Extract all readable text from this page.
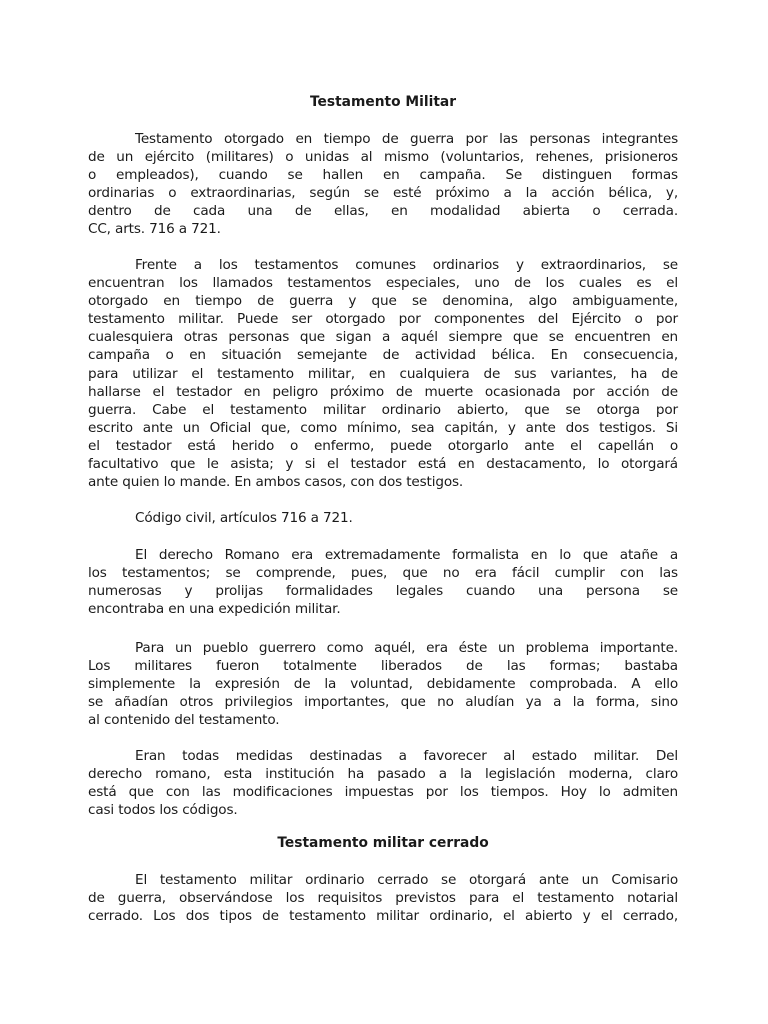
Testamento Militar
Testamento otorgado en tiempo de guerra por las personas integrantes
de un ejército (militares) o unidas al mismo (voluntarios, rehenes, prisioneros
o empleados), cuando se hallen en campaña. Se distinguen formas
ordinarias o extraordinarias, según se esté próximo a la acción bélica, y,
dentro de cada una de ellas, en modalidad abierta o cerrada.
CC, arts. 716 a 721.
Frente a los testamentos comunes ordinarios y extraordinarios, se
encuentran los llamados testamentos especiales, uno de los cuales es el
otorgado en tiempo de guerra y que se denomina, algo ambiguamente,
testamento militar. Puede ser otorgado por componentes del Ejército o por
cualesquiera otras personas que sigan a aquél siempre que se encuentren en
campaña o en situación semejante de actividad bélica. En consecuencia,
para utilizar el testamento militar, en cualquiera de sus variantes, ha de
hallarse el testador en peligro próximo de muerte ocasionada por acción de
guerra. Cabe el testamento militar ordinario abierto, que se otorga por
escrito ante un Oficial que, como mínimo, sea capitán, y ante dos testigos. Si
el testador está herido o enfermo, puede otorgarlo ante el capellán o
facultativo que le asista; y si el testador está en destacamento, lo otorgará
ante quien lo mande. En ambos casos, con dos testigos.
Código civil, artículos 716 a 721.
El derecho Romano era extremadamente formalista en lo que atañe a
los testamentos; se comprende, pues, que no era fácil cumplir con las
numerosas y prolijas formalidades legales cuando una persona se
encontraba en una expedición militar.
Para un pueblo guerrero como aquél, era éste un problema importante.
Los militares fueron totalmente liberados de las formas; bastaba
simplemente la expresión de la voluntad, debidamente comprobada. A ello
se añadían otros privilegios importantes, que no aludían ya a la forma, sino
al contenido del testamento.
Eran todas medidas destinadas a favorecer al estado militar. Del
derecho romano, esta institución ha pasado a la legislación moderna, claro
está que con las modificaciones impuestas por los tiempos. Hoy lo admiten
casi todos los códigos.
Testamento militar cerrado
El testamento militar ordinario cerrado se otorgará ante un Comisario
de guerra, observándose los requisitos previstos para el testamento notarial
cerrado. Los dos tipos de testamento militar ordinario, el abierto y el cerrado,
